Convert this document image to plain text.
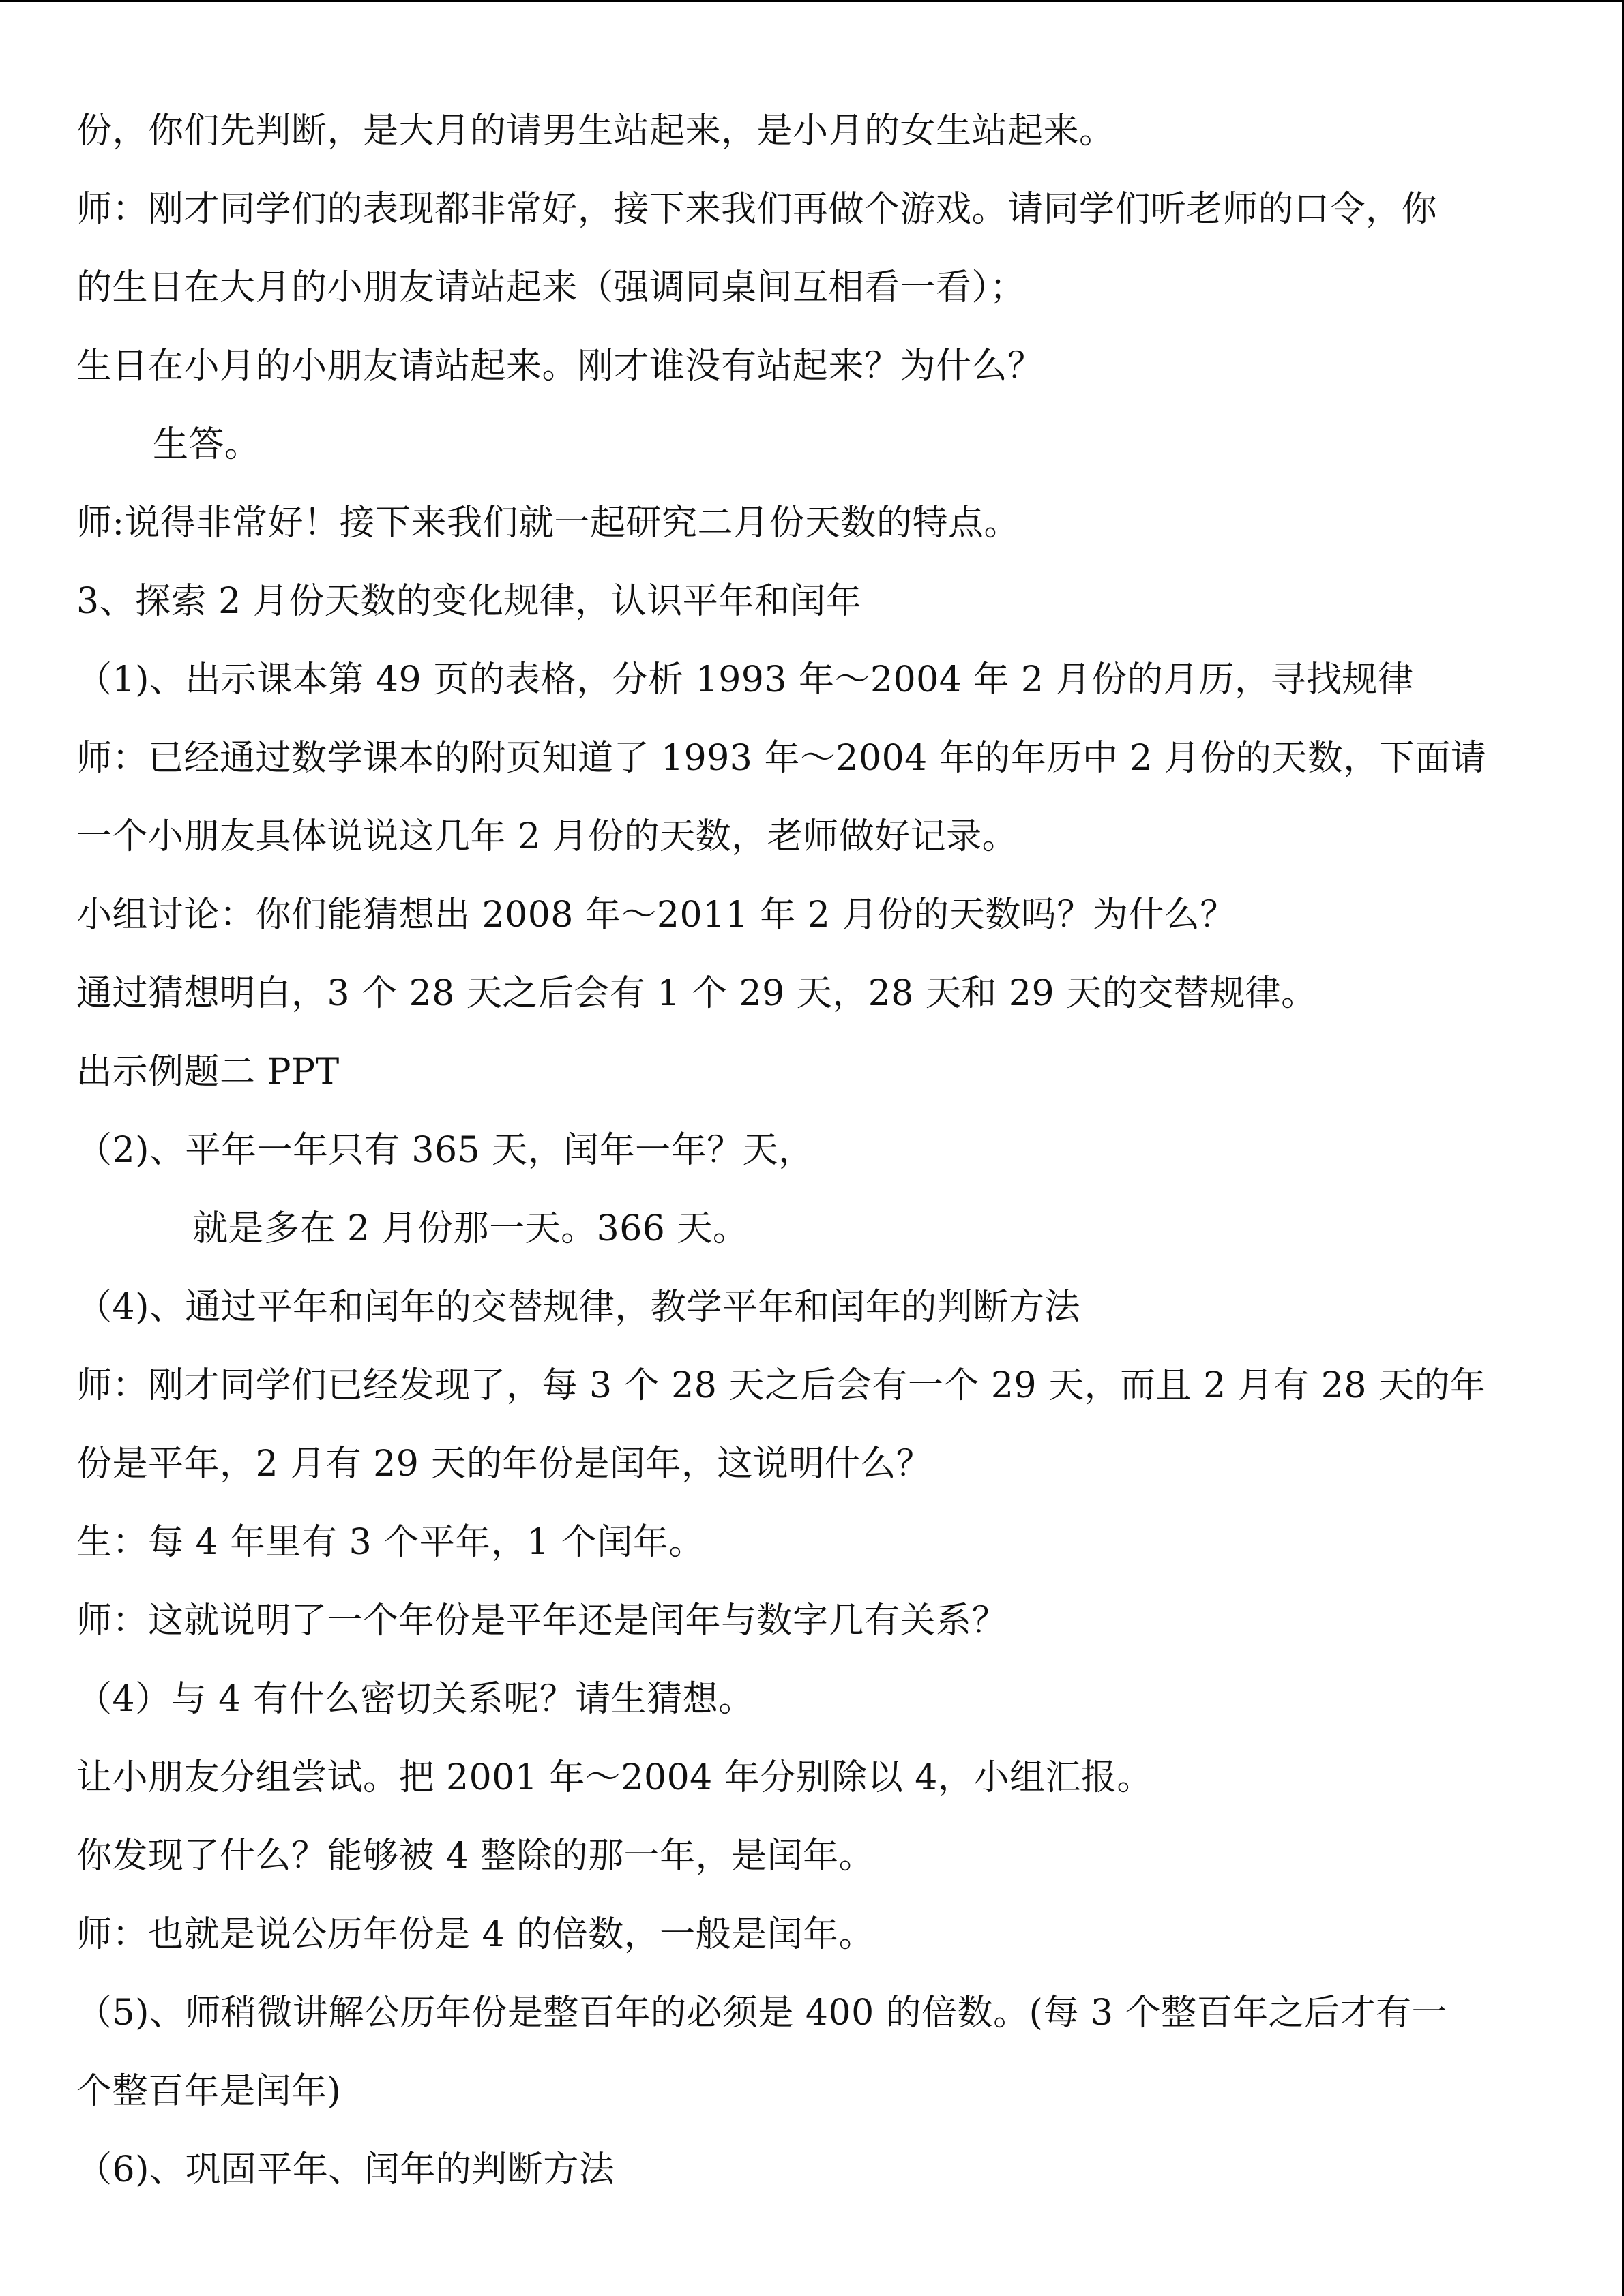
份，你们先判断，是大月的请男生站起来，是小月的女生站起来。
师：刚才同学们的表现都非常好，接下来我们再做个游戏。请同学们听老师的口令，你
的生日在大月的小朋友请站起来（强调同桌间互相看一看）；
生日在小月的小朋友请站起来。刚才谁没有站起来？为什么？
生答。
师:说得非常好！接下来我们就一起研究二月份天数的特点。
3、探索 2 月份天数的变化规律，认识平年和闰年
（1)、出示课本第 49 页的表格，分析 1993 年～2004 年 2 月份的月历，寻找规律
师：已经通过数学课本的附页知道了 1993 年～2004 年的年历中 2 月份的天数，下面请
一个小朋友具体说说这几年 2 月份的天数，老师做好记录。
小组讨论：你们能猜想出 2008 年～2011 年 2 月份的天数吗？为什么？
通过猜想明白，3 个 28 天之后会有 1 个 29 天，28 天和 29 天的交替规律。
出示例题二 PPT
（2)、平年一年只有 365 天，闰年一年？天，
就是多在 2 月份那一天。366 天。
（4)、通过平年和闰年的交替规律，教学平年和闰年的判断方法
师：刚才同学们已经发现了，每 3 个 28 天之后会有一个 29 天，而且 2 月有 28 天的年
份是平年，2 月有 29 天的年份是闰年，这说明什么？
生：每 4 年里有 3 个平年，1 个闰年。
师：这就说明了一个年份是平年还是闰年与数字几有关系？
（4）与 4 有什么密切关系呢？请生猜想。
让小朋友分组尝试。把 2001 年～2004 年分别除以 4，小组汇报。
你发现了什么？能够被 4 整除的那一年，是闰年。
师：也就是说公历年份是 4 的倍数，一般是闰年。
（5)、师稍微讲解公历年份是整百年的必须是 400 的倍数。(每 3 个整百年之后才有一
个整百年是闰年)
（6)、巩固平年、闰年的判断方法
